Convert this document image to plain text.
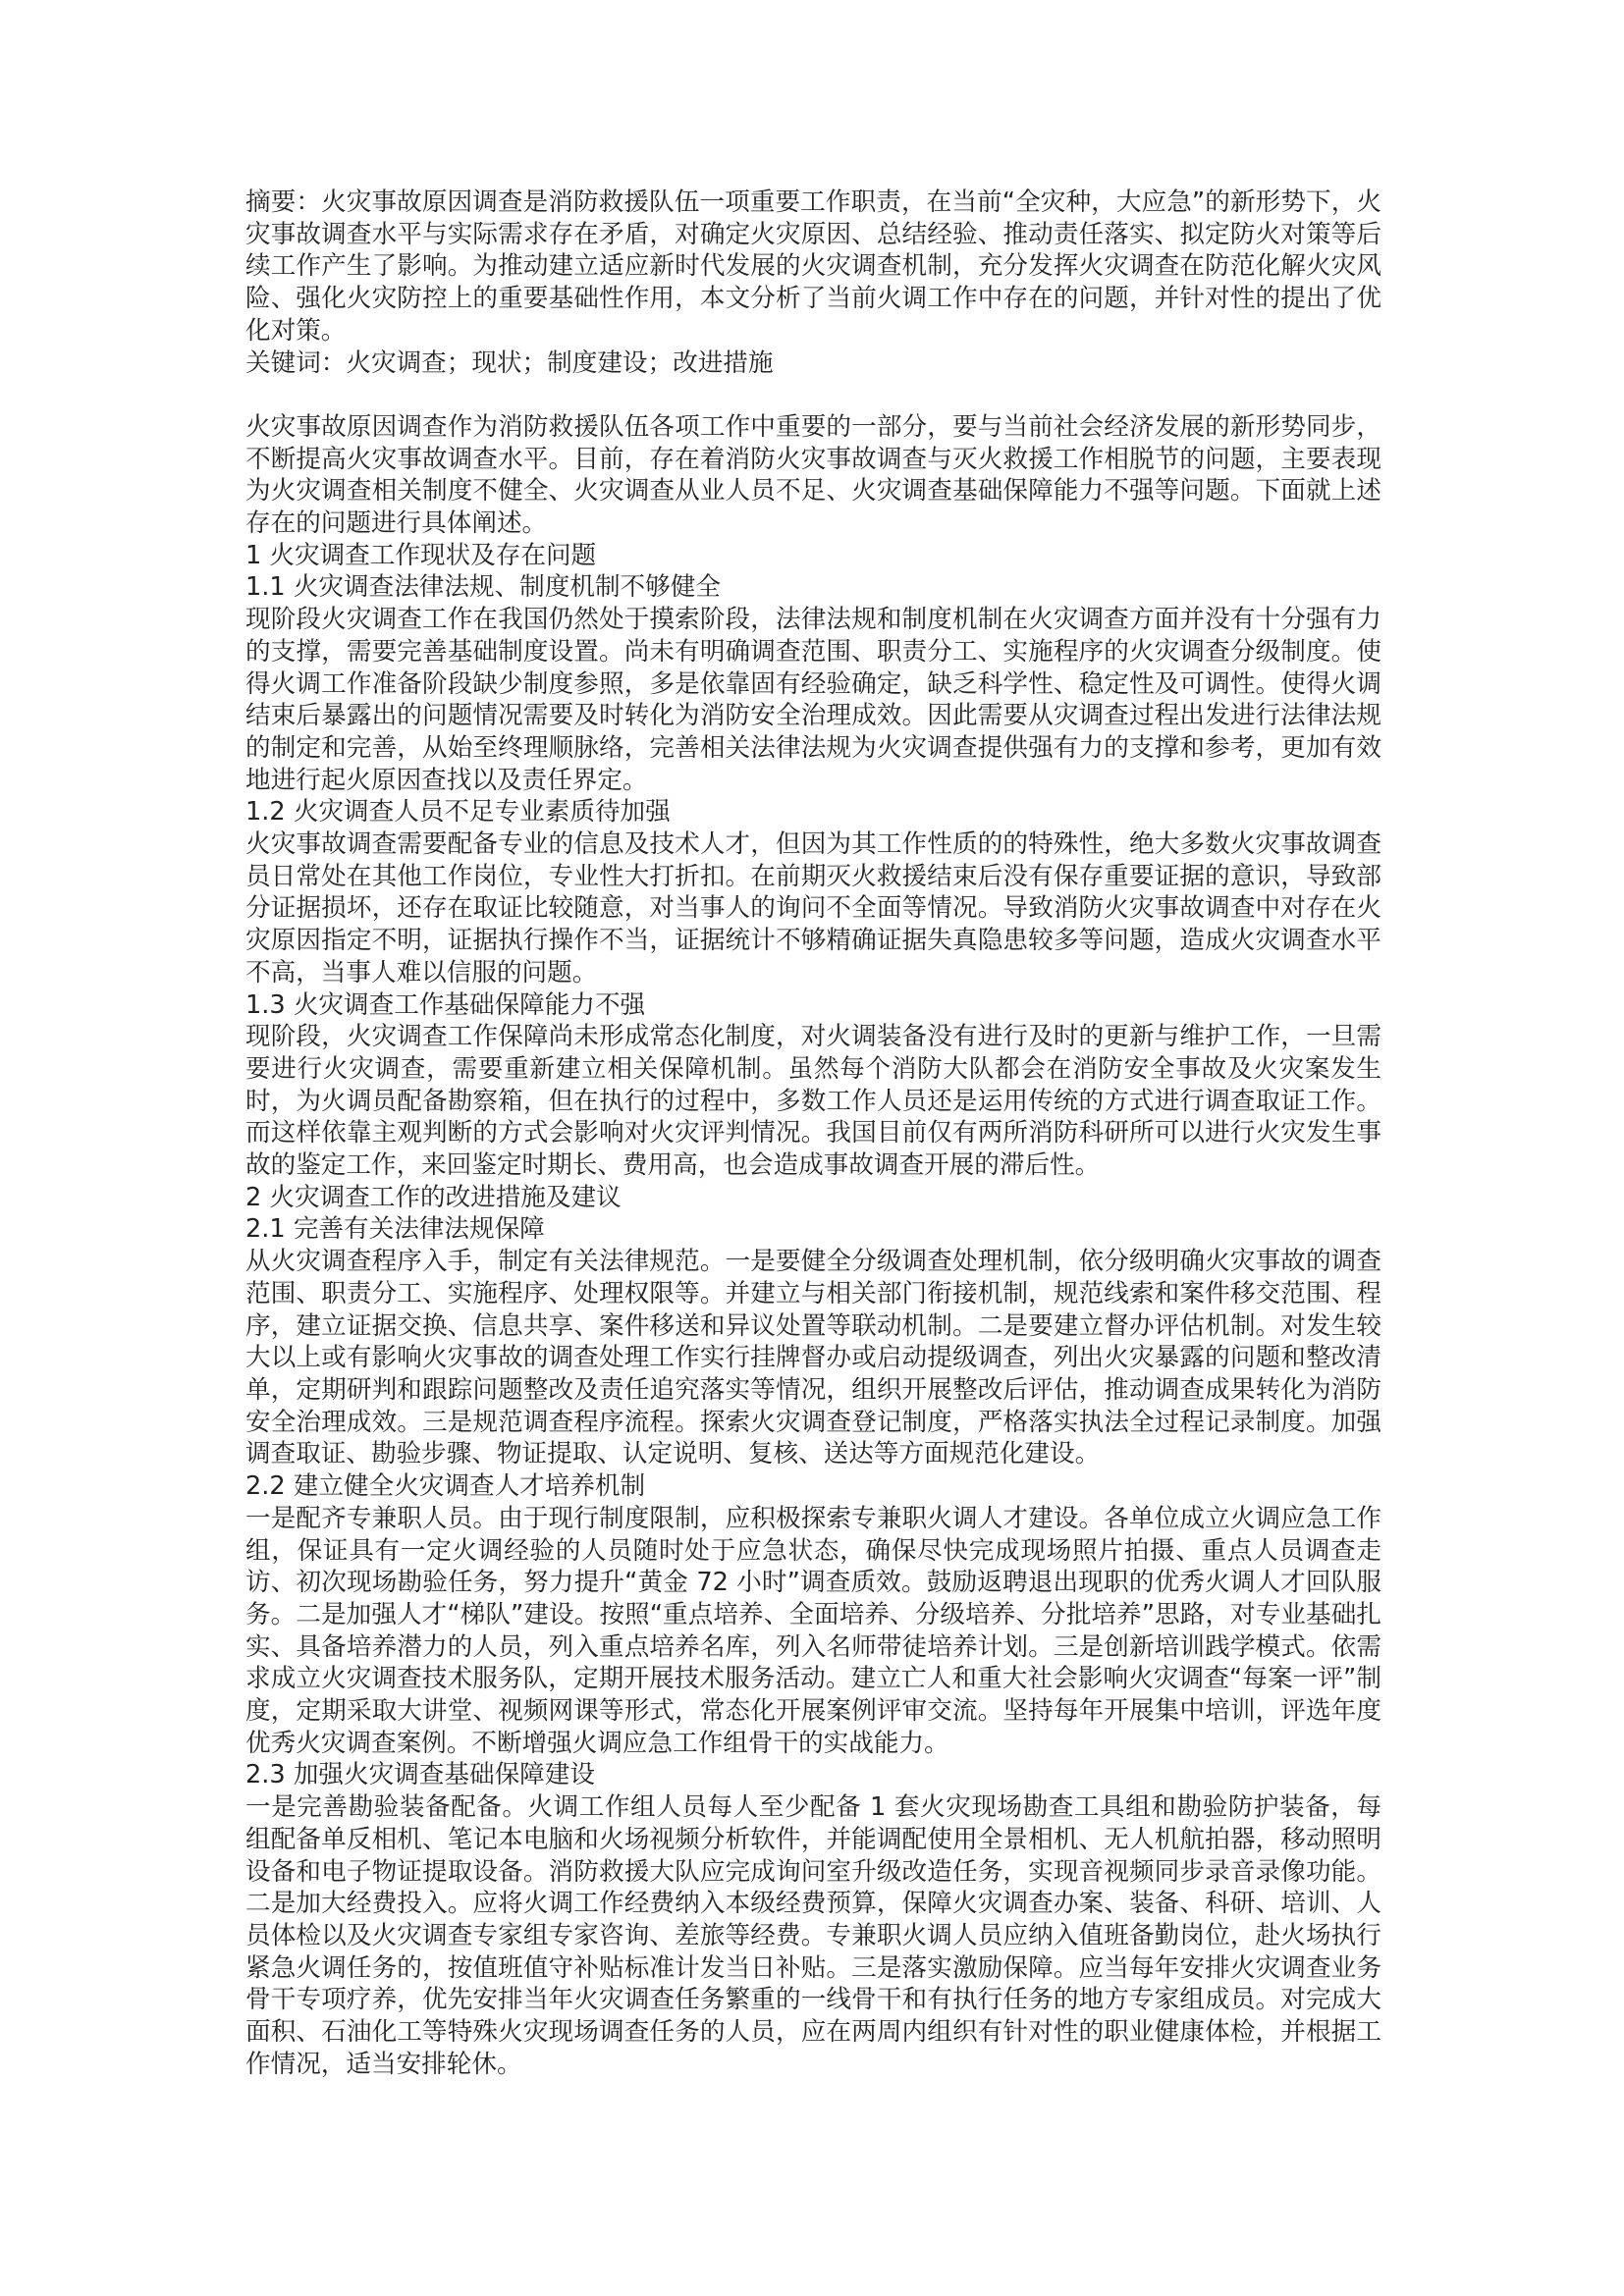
摘要：火灾事故原因调查是消防救援队伍一项重要工作职责，在当前“全灾种，大应急”的新形势下，火灾事故调查水平与实际需求存在矛盾，对确定火灾原因、总结经验、推动责任落实、拟定防火对策等后续工作产生了影响。为推动建立适应新时代发展的火灾调查机制，充分发挥火灾调查在防范化解火灾风险、强化火灾防控上的重要基础性作用，本文分析了当前火调工作中存在的问题，并针对性的提出了优化对策。

关键词：火灾调查；现状；制度建设；改进措施

火灾事故原因调查作为消防救援队伍各项工作中重要的一部分，要与当前社会经济发展的新形势同步，不断提高火灾事故调查水平。目前，存在着消防火灾事故调查与灭火救援工作相脱节的问题，主要表现为火灾调查相关制度不健全、火灾调查从业人员不足、火灾调查基础保障能力不强等问题。下面就上述存在的问题进行具体阐述。

1 火灾调查工作现状及存在问题

1.1 火灾调查法律法规、制度机制不够健全

现阶段火灾调查工作在我国仍然处于摸索阶段，法律法规和制度机制在火灾调查方面并没有十分强有力的支撑，需要完善基础制度设置。尚未有明确调查范围、职责分工、实施程序的火灾调查分级制度。使得火调工作准备阶段缺少制度参照，多是依靠固有经验确定，缺乏科学性、稳定性及可调性。使得火调结束后暴露出的问题情况需要及时转化为消防安全治理成效。因此需要从灾调查过程出发进行法律法规的制定和完善，从始至终理顺脉络，完善相关法律法规为火灾调查提供强有力的支撑和参考，更加有效地进行起火原因查找以及责任界定。

1.2 火灾调查人员不足专业素质待加强

火灾事故调查需要配备专业的信息及技术人才，但因为其工作性质的的特殊性，绝大多数火灾事故调查员日常处在其他工作岗位，专业性大打折扣。在前期灭火救援结束后没有保存重要证据的意识，导致部分证据损坏，还存在取证比较随意，对当事人的询问不全面等情况。导致消防火灾事故调查中对存在火灾原因指定不明，证据执行操作不当，证据统计不够精确证据失真隐患较多等问题，造成火灾调查水平不高，当事人难以信服的问题。

1.3 火灾调查工作基础保障能力不强

现阶段，火灾调查工作保障尚未形成常态化制度，对火调装备没有进行及时的更新与维护工作，一旦需要进行火灾调查，需要重新建立相关保障机制。虽然每个消防大队都会在消防安全事故及火灾案发生时，为火调员配备勘察箱，但在执行的过程中，多数工作人员还是运用传统的方式进行调查取证工作。而这样依靠主观判断的方式会影响对火灾评判情况。我国目前仅有两所消防科研所可以进行火灾发生事故的鉴定工作，来回鉴定时期长、费用高，也会造成事故调查开展的滞后性。

2 火灾调查工作的改进措施及建议

2.1 完善有关法律法规保障

从火灾调查程序入手，制定有关法律规范。一是要健全分级调查处理机制，依分级明确火灾事故的调查范围、职责分工、实施程序、处理权限等。并建立与相关部门衔接机制，规范线索和案件移交范围、程序，建立证据交换、信息共享、案件移送和异议处置等联动机制。二是要建立督办评估机制。对发生较大以上或有影响火灾事故的调查处理工作实行挂牌督办或启动提级调查，列出火灾暴露的问题和整改清单，定期研判和跟踪问题整改及责任追究落实等情况，组织开展整改后评估，推动调查成果转化为消防安全治理成效。三是规范调查程序流程。探索火灾调查登记制度，严格落实执法全过程记录制度。加强调查取证、勘验步骤、物证提取、认定说明、复核、送达等方面规范化建设。

2.2 建立健全火灾调查人才培养机制

一是配齐专兼职人员。由于现行制度限制，应积极探索专兼职火调人才建设。各单位成立火调应急工作组，保证具有一定火调经验的人员随时处于应急状态，确保尽快完成现场照片拍摄、重点人员调查走访、初次现场勘验任务，努力提升“黄金 72 小时”调查质效。鼓励返聘退出现职的优秀火调人才回队服务。二是加强人才“梯队”建设。按照“重点培养、全面培养、分级培养、分批培养”思路，对专业基础扎实、具备培养潜力的人员，列入重点培养名库，列入名师带徒培养计划。三是创新培训践学模式。依需求成立火灾调查技术服务队，定期开展技术服务活动。建立亡人和重大社会影响火灾调查“每案一评”制度，定期采取大讲堂、视频网课等形式，常态化开展案例评审交流。坚持每年开展集中培训，评选年度优秀火灾调查案例。不断增强火调应急工作组骨干的实战能力。

2.3 加强火灾调查基础保障建设

一是完善勘验装备配备。火调工作组人员每人至少配备 1 套火灾现场勘查工具组和勘验防护装备，每组配备单反相机、笔记本电脑和火场视频分析软件，并能调配使用全景相机、无人机航拍器，移动照明设备和电子物证提取设备。消防救援大队应完成询问室升级改造任务，实现音视频同步录音录像功能。二是加大经费投入。应将火调工作经费纳入本级经费预算，保障火灾调查办案、装备、科研、培训、人员体检以及火灾调查专家组专家咨询、差旅等经费。专兼职火调人员应纳入值班备勤岗位，赴火场执行紧急火调任务的，按值班值守补贴标准计发当日补贴。三是落实激励保障。应当每年安排火灾调查业务骨干专项疗养，优先安排当年火灾调查任务繁重的一线骨干和有执行任务的地方专家组成员。对完成大面积、石油化工等特殊火灾现场调查任务的人员，应在两周内组织有针对性的职业健康体检，并根据工作情况，适当安排轮休。
